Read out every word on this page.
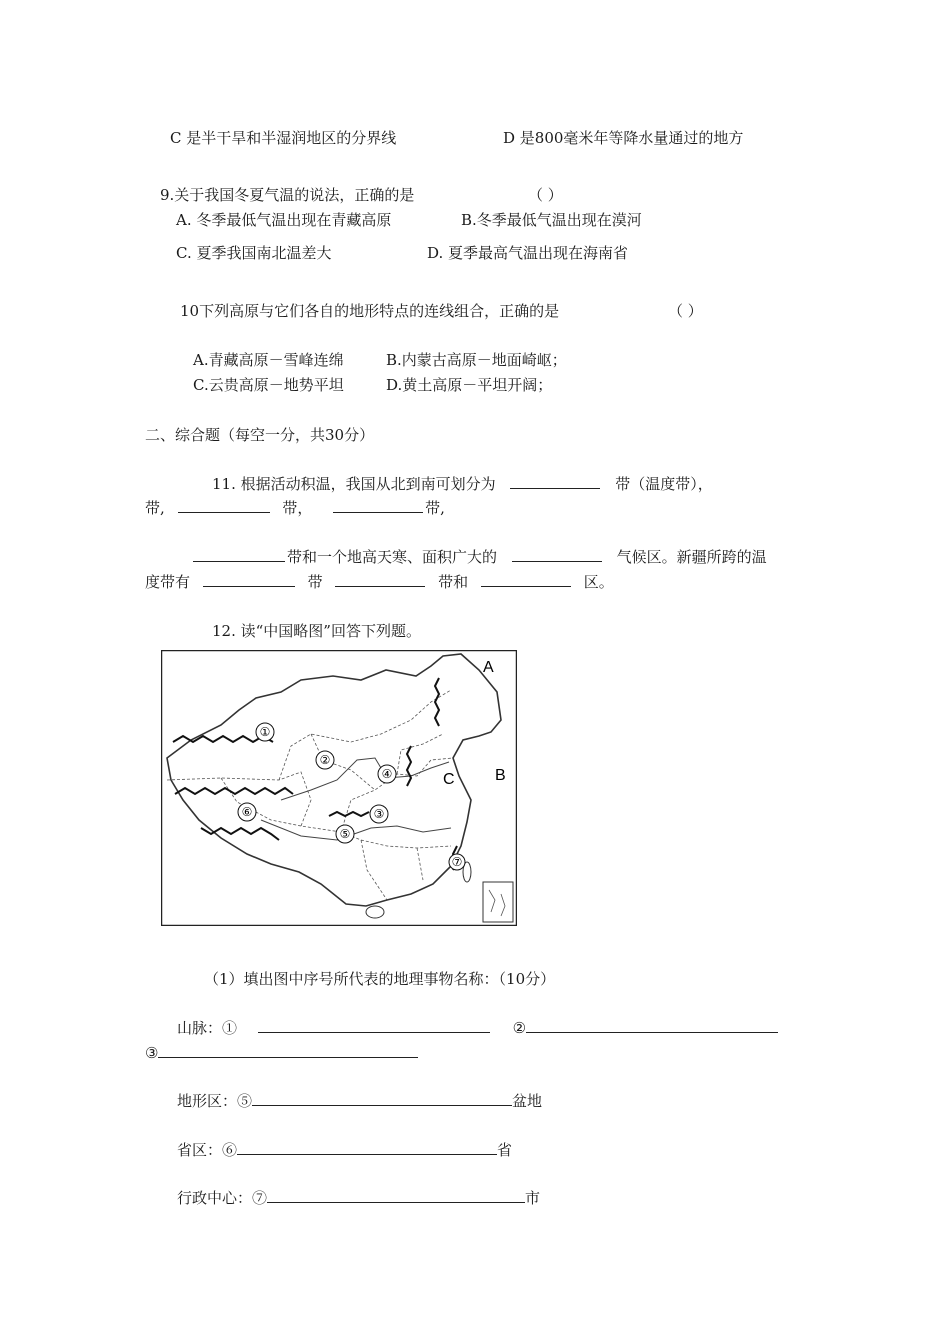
C 是半干旱和半湿润地区的分界线	D 是800毫米年等降水量通过的地方
9.关于我国冬夏气温的说法，正确的是	（ ）
A. 冬季最低气温出现在青藏高原	B.冬季最低气温出现在漠河
C. 夏季我国南北温差大	D. 夏季最高气温出现在海南省
10下列高原与它们各自的地形特点的连线组合，正确的是	（ ）
A.青藏高原－雪峰连绵	B.内蒙古高原－地面崎岖；
C.云贵高原－地势平坦	D.黄土高原－平坦开阔；
二、综合题（每空一分，共30分）
11. 根据活动积温，我国从北到南可划分为	带（温度带），
带,	带，	带,
带和一个地高天寒、面积广大的	气候区。新疆所跨的温
度带有	带	带和	区。
12. 读“中国略图”回答下列题。
①
②
③
④
⑤
⑥
⑦
A
B
C
（1）填出图中序号所代表的地理事物名称：（10分）
山脉：①	②
③
地形区：⑤	盆地
省区：⑥	省
行政中心：⑦	市
